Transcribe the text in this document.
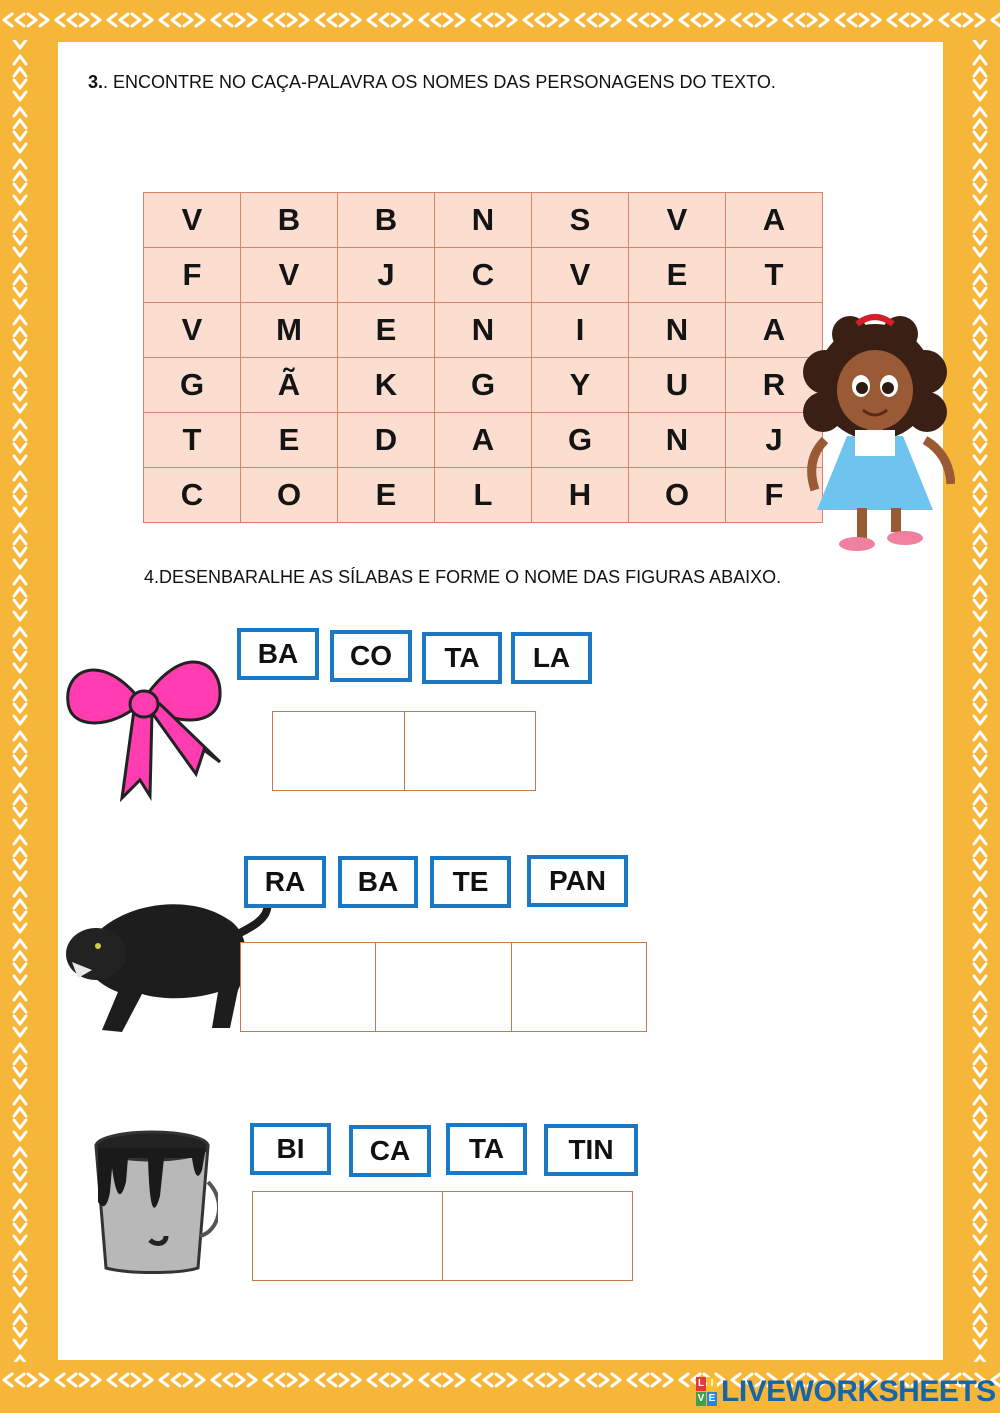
3.. ENCONTRE NO CAÇA-PALAVRA OS NOMES DAS PERSONAGENS DO TEXTO.
V	B	B	N	S	V	A
F	V	J	C	V	E	T
V	M	E	N	I	N	A
G	Ã	K	G	Y	U	R
T	E	D	A	G	N	J
C	O	E	L	H	O	F
4.DESENBARALHE AS SÍLABAS E FORME O NOME DAS FIGURAS ABAIXO.
BA	CO	TA	LA
RA	BA	TE	PAN
BI	CA	TA	TIN
L I
V E LIVEWORKSHEETS
